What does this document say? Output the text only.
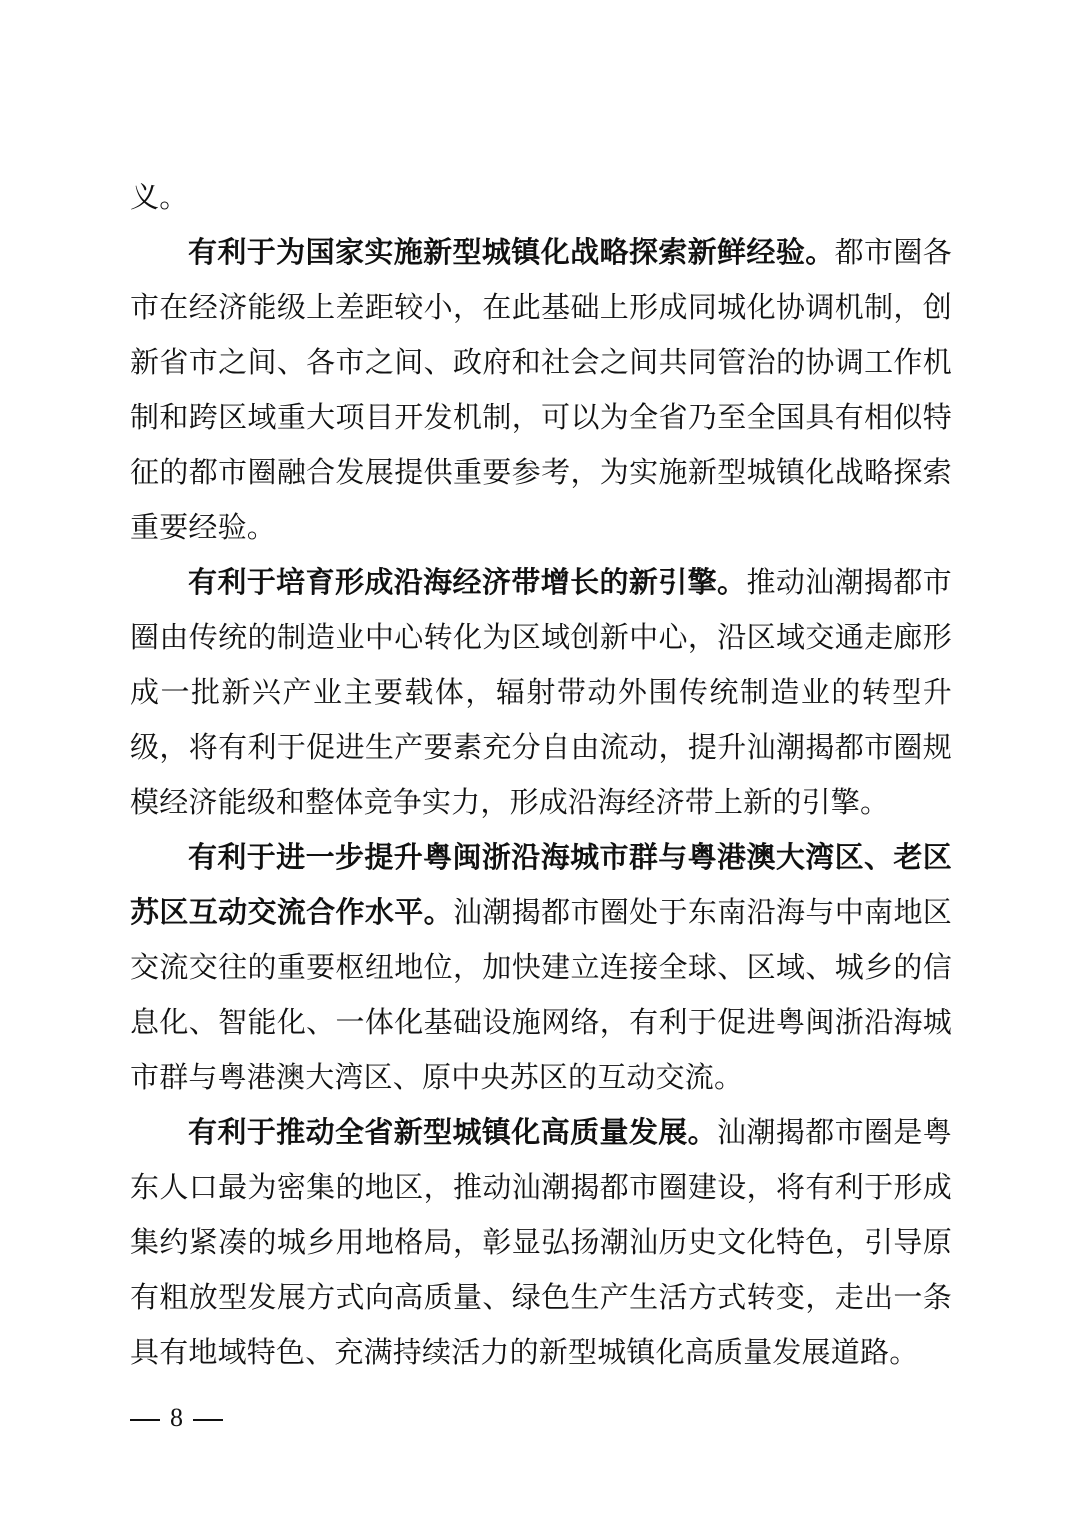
义。

有利于为国家实施新型城镇化战略探索新鲜经验。都市圈各市在经济能级上差距较小，在此基础上形成同城化协调机制，创新省市之间、各市之间、政府和社会之间共同管治的协调工作机制和跨区域重大项目开发机制，可以为全省乃至全国具有相似特征的都市圈融合发展提供重要参考，为实施新型城镇化战略探索重要经验。

有利于培育形成沿海经济带增长的新引擎。推动汕潮揭都市圈由传统的制造业中心转化为区域创新中心，沿区域交通走廊形成一批新兴产业主要载体，辐射带动外围传统制造业的转型升级，将有利于促进生产要素充分自由流动，提升汕潮揭都市圈规模经济能级和整体竞争实力，形成沿海经济带上新的引擎。

有利于进一步提升粤闽浙沿海城市群与粤港澳大湾区、老区苏区互动交流合作水平。汕潮揭都市圈处于东南沿海与中南地区交流交往的重要枢纽地位，加快建立连接全球、区域、城乡的信息化、智能化、一体化基础设施网络，有利于促进粤闽浙沿海城市群与粤港澳大湾区、原中央苏区的互动交流。

有利于推动全省新型城镇化高质量发展。汕潮揭都市圈是粤东人口最为密集的地区，推动汕潮揭都市圈建设，将有利于形成集约紧凑的城乡用地格局，彰显弘扬潮汕历史文化特色，引导原有粗放型发展方式向高质量、绿色生产生活方式转变，走出一条具有地域特色、充满持续活力的新型城镇化高质量发展道路。

8
